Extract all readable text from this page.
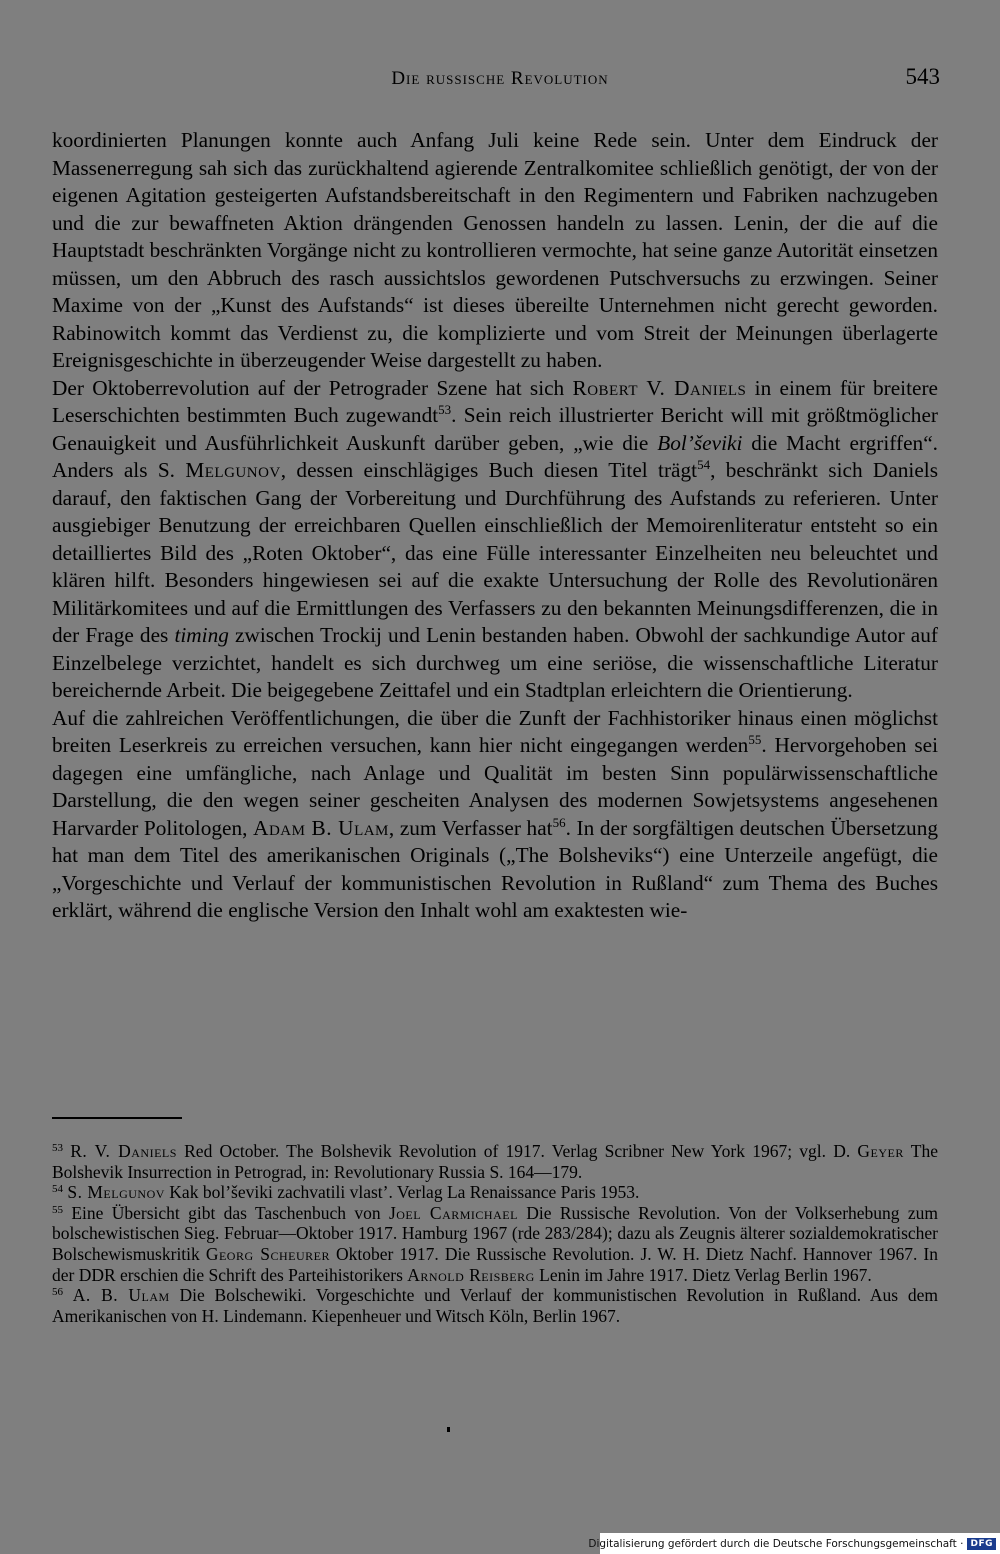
Die russische Revolution	543

koordinierten Planungen konnte auch Anfang Juli keine Rede sein. Unter dem Eindruck der Massenerregung sah sich das zurückhaltend agierende Zentralkomitee schließlich genötigt, der von der eigenen Agitation gesteigerten Aufstandsbereitschaft in den Regimentern und Fabriken nachzugeben und die zur bewaffneten Aktion drängenden Genossen handeln zu lassen. Lenin, der die auf die Hauptstadt beschränkten Vorgänge nicht zu kontrollieren vermochte, hat seine ganze Autorität einsetzen müssen, um den Abbruch des rasch aussichtslos gewordenen Putschversuchs zu erzwingen. Seiner Maxime von der „Kunst des Aufstands“ ist dieses übereilte Unternehmen nicht gerecht geworden. Rabinowitch kommt das Verdienst zu, die komplizierte und vom Streit der Meinungen überlagerte Ereignisgeschichte in überzeugender Weise dargestellt zu haben.

Der Oktoberrevolution auf der Petrograder Szene hat sich Robert V. Daniels in einem für breitere Leserschichten bestimmten Buch zugewandt$^{53}$. Sein reich illustrierter Bericht will mit größtmöglicher Genauigkeit und Ausführlichkeit Auskunft darüber geben, „wie die Bol’ševiki die Macht ergriffen“. Anders als S. Melgunov, dessen einschlägiges Buch diesen Titel trägt$^{54}$, beschränkt sich Daniels darauf, den faktischen Gang der Vorbereitung und Durchführung des Aufstands zu referieren. Unter ausgiebiger Benutzung der erreichbaren Quellen einschließlich der Memoirenliteratur entsteht so ein detailliertes Bild des „Roten Oktober“, das eine Fülle interessanter Einzelheiten neu beleuchtet und klären hilft. Besonders hingewiesen sei auf die exakte Untersuchung der Rolle des Revolutionären Militärkomitees und auf die Ermittlungen des Verfassers zu den bekannten Meinungsdifferenzen, die in der Frage des timing zwischen Trockij und Lenin bestanden haben. Obwohl der sachkundige Autor auf Einzelbelege verzichtet, handelt es sich durchweg um eine seriöse, die wissenschaftliche Literatur bereichernde Arbeit. Die beigegebene Zeittafel und ein Stadtplan erleichtern die Orientierung.

Auf die zahlreichen Veröffentlichungen, die über die Zunft der Fachhistoriker hinaus einen möglichst breiten Leserkreis zu erreichen versuchen, kann hier nicht eingegangen werden$^{55}$. Hervorgehoben sei dagegen eine umfängliche, nach Anlage und Qualität im besten Sinn populärwissenschaftliche Darstellung, die den wegen seiner gescheiten Analysen des modernen Sowjetsystems angesehenen Harvarder Politologen, Adam B. Ulam, zum Verfasser hat$^{56}$. In der sorgfältigen deutschen Übersetzung hat man dem Titel des amerikanischen Originals („The Bolsheviks“) eine Unterzeile angefügt, die „Vorgeschichte und Verlauf der kommunistischen Revolution in Rußland“ zum Thema des Buches erklärt, während die englische Version den Inhalt wohl am exaktesten wie-

$^{53}$ R. V. Daniels Red October. The Bolshevik Revolution of 1917. Verlag Scribner New York 1967; vgl. D. Geyer The Bolshevik Insurrection in Petrograd, in: Revolutionary Russia S. 164—179.

$^{54}$ S. Melgunov Kak bol’ševiki zachvatili vlast’. Verlag La Renaissance Paris 1953.

$^{55}$ Eine Übersicht gibt das Taschenbuch von Joel Carmichael Die Russische Revolution. Von der Volkserhebung zum bolschewistischen Sieg. Februar—Oktober 1917. Hamburg 1967 (rde 283/284); dazu als Zeugnis älterer sozialdemokratischer Bolschewismuskritik Georg Scheurer Oktober 1917. Die Russische Revolution. J. W. H. Dietz Nachf. Hannover 1967. In der DDR erschien die Schrift des Parteihistorikers Arnold Reisberg Lenin im Jahre 1917. Dietz Verlag Berlin 1967.

$^{56}$ A. B. Ulam Die Bolschewiki. Vorgeschichte und Verlauf der kommunistischen Revolution in Rußland. Aus dem Amerikanischen von H. Lindemann. Kiepenheuer und Witsch Köln, Berlin 1967.

Digitalisierung gefördert durch die Deutsche Forschungsgemeinschaft · DFG
